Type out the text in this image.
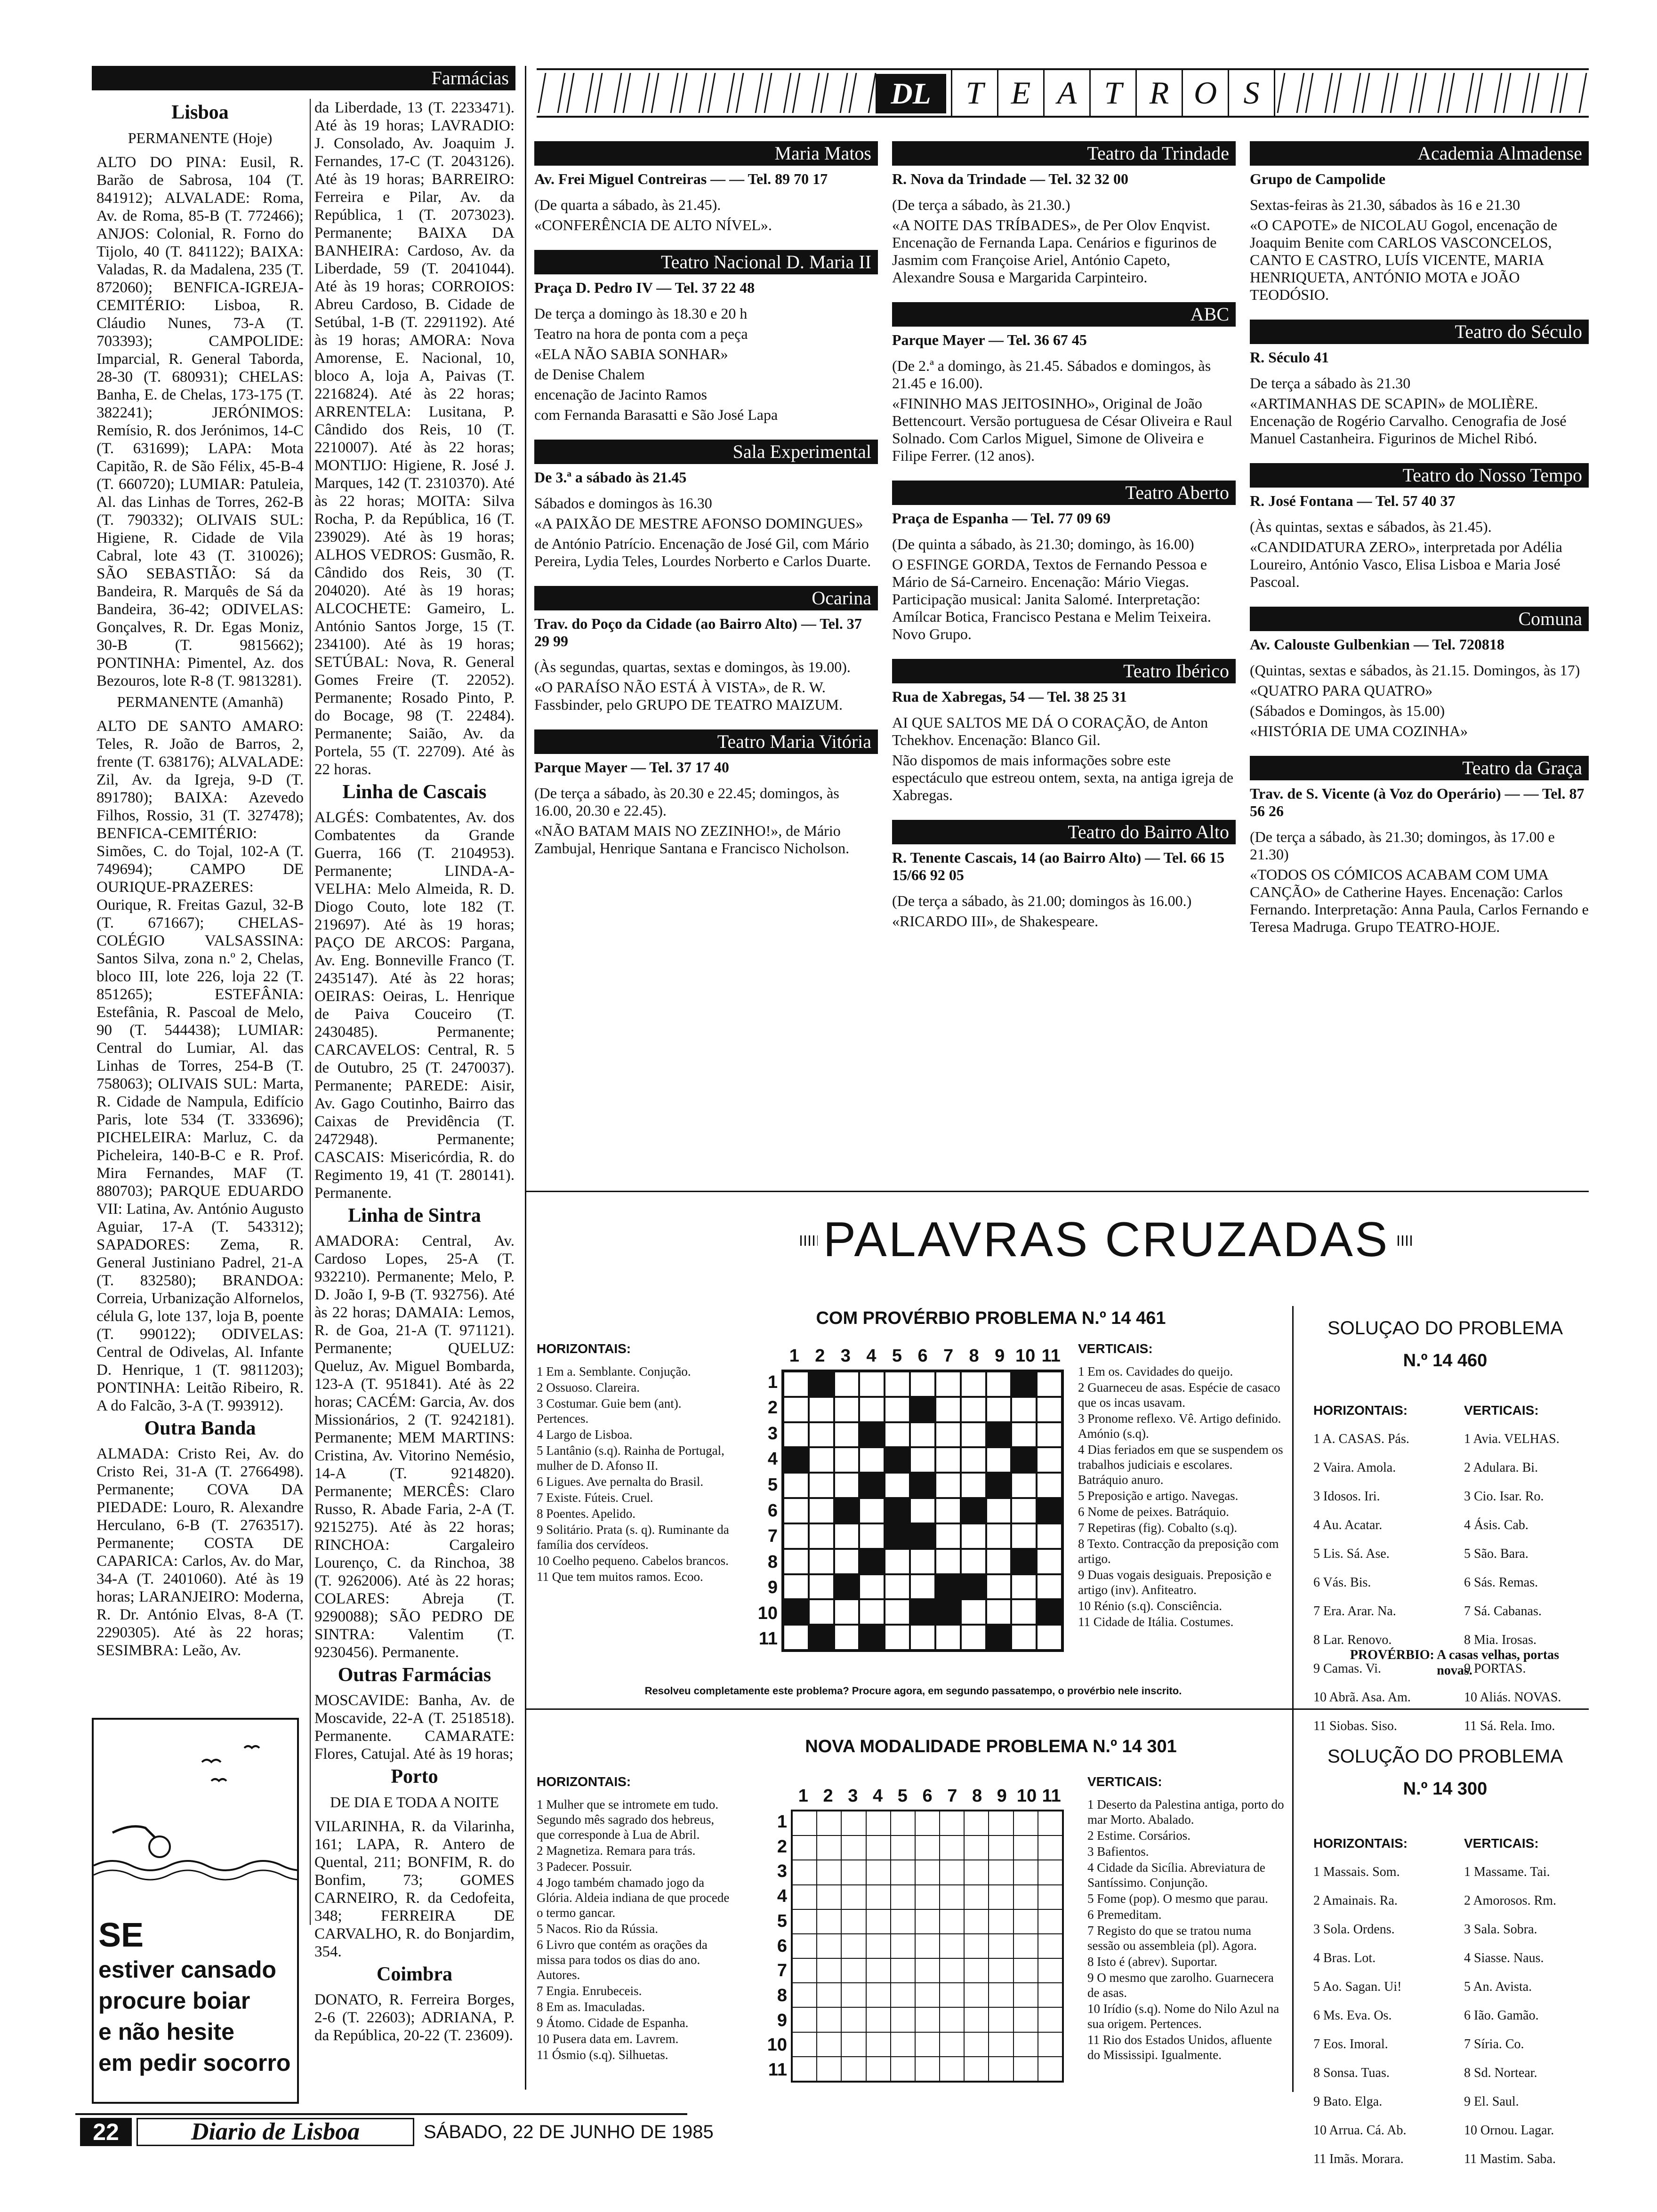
Farmácias
Lisboa
PERMANENTE (Hoje)

ALTO DO PINA: Eusil, R. Barão de Sabrosa, 104 (T. 841912); ALVALADE: Roma, Av. de Roma, 85-B (T. 772466); ANJOS: Colonial, R. Forno do Tijolo, 40 (T. 841122); BAIXA: Valadas, R. da Madalena, 235 (T. 872060); BENFICA-IGREJA-CEMITÉRIO: Lisboa, R. Cláudio Nunes, 73-A (T. 703393); CAMPOLIDE: Imparcial, R. General Taborda, 28-30 (T. 680931); CHELAS: Banha, E. de Chelas, 173-175 (T. 382241); JERÓNIMOS: Remísio, R. dos Jerónimos, 14-C (T. 631699); LAPA: Mota Capitão, R. de São Félix, 45-B-4 (T. 660720); LUMIAR: Patuleia, Al. das Linhas de Torres, 262-B (T. 790332); OLIVAIS SUL: Higiene, R. Cidade de Vila Cabral, lote 43 (T. 310026); SÃO SEBASTIÃO: Sá da Bandeira, R. Marquês de Sá da Bandeira, 36-42; ODIVELAS: Gonçalves, R. Dr. Egas Moniz, 30-B (T. 9815662); PONTINHA: Pimentel, Az. dos Bezouros, lote R-8 (T. 9813281).

PERMANENTE (Amanhã)

ALTO DE SANTO AMARO: Teles, R. João de Barros, 2, frente (T. 638176); ALVALADE: Zil, Av. da Igreja, 9-D (T. 891780); BAIXA: Azevedo Filhos, Rossio, 31 (T. 327478); BENFICA-CEMITÉRIO: Simões, C. do Tojal, 102-A (T. 749694); CAMPO DE OURIQUE-PRAZERES: Ourique, R. Freitas Gazul, 32-B (T. 671667); CHELAS-COLÉGIO VALSASSINA: Santos Silva, zona n.º 2, Chelas, bloco III, lote 226, loja 22 (T. 851265); ESTEFÂNIA: Estefânia, R. Pascoal de Melo, 90 (T. 544438); LUMIAR: Central do Lumiar, Al. das Linhas de Torres, 254-B (T. 758063); OLIVAIS SUL: Marta, R. Cidade de Nampula, Edifício Paris, lote 534 (T. 333696); PICHELEIRA: Marluz, C. da Picheleira, 140-B-C e R. Prof. Mira Fernandes, MAF (T. 880703); PARQUE EDUARDO VII: Latina, Av. António Augusto Aguiar, 17-A (T. 543312); SAPADORES: Zema, R. General Justiniano Padrel, 21-A (T. 832580); BRANDOA: Correia, Urbanização Alfornelos, célula G, lote 137, loja B, poente (T. 990122); ODIVELAS: Central de Odivelas, Al. Infante D. Henrique, 1 (T. 9811203); PONTINHA: Leitão Ribeiro, R. A do Falcão, 3-A (T. 993912).

Outra Banda

ALMADA: Cristo Rei, Av. do Cristo Rei, 31-A (T. 2766498). Permanente; COVA DA PIEDADE: Louro, R. Alexandre Herculano, 6-B (T. 2763517). Permanente; COSTA DE CAPARICA: Carlos, Av. do Mar, 34-A (T. 2401060). Até às 19 horas; LARANJEIRO: Moderna, R. Dr. António Elvas, 8-A (T. 2290305). Até às 22 horas; SESIMBRA: Leão, Av.

da Liberdade, 13 (T. 2233471). Até às 19 horas; LAVRADIO: J. Consolado, Av. Joaquim J. Fernandes, 17-C (T. 2043126). Até às 19 horas; BARREIRO: Ferreira e Pilar, Av. da República, 1 (T. 2073023). Permanente; BAIXA DA BANHEIRA: Cardoso, Av. da Liberdade, 59 (T. 2041044). Até às 19 horas; CORROIOS: Abreu Cardoso, B. Cidade de Setúbal, 1-B (T. 2291192). Até às 19 horas; AMORA: Nova Amorense, E. Nacional, 10, bloco A, loja A, Paivas (T. 2216824). Até às 22 horas; ARRENTELA: Lusitana, P. Cândido dos Reis, 10 (T. 2210007). Até às 22 horas; MONTIJO: Higiene, R. José J. Marques, 142 (T. 2310370). Até às 22 horas; MOITA: Silva Rocha, P. da República, 16 (T. 239029). Até às 19 horas; ALHOS VEDROS: Gusmão, R. Cândido dos Reis, 30 (T. 204020). Até às 19 horas; ALCOCHETE: Gameiro, L. António Santos Jorge, 15 (T. 234100). Até às 19 horas; SETÚBAL: Nova, R. General Gomes Freire (T. 22052). Permanente; Rosado Pinto, P. do Bocage, 98 (T. 22484). Permanente; Saião, Av. da Portela, 55 (T. 22709). Até às 22 horas.

Linha de Cascais

ALGÉS: Combatentes, Av. dos Combatentes da Grande Guerra, 166 (T. 2104953). Permanente; LINDA-A-VELHA: Melo Almeida, R. D. Diogo Couto, lote 182 (T. 219697). Até às 19 horas; PAÇO DE ARCOS: Pargana, Av. Eng. Bonneville Franco (T. 2435147). Até às 22 horas; OEIRAS: Oeiras, L. Henrique de Paiva Couceiro (T. 2430485). Permanente; CARCAVELOS: Central, R. 5 de Outubro, 25 (T. 2470037). Permanente; PAREDE: Aisir, Av. Gago Coutinho, Bairro das Caixas de Previdência (T. 2472948). Permanente; CASCAIS: Misericórdia, R. do Regimento 19, 41 (T. 280141). Permanente.

Linha de Sintra

AMADORA: Central, Av. Cardoso Lopes, 25-A (T. 932210). Permanente; Melo, P. D. João I, 9-B (T. 932756). Até às 22 horas; DAMAIA: Lemos, R. de Goa, 21-A (T. 971121). Permanente; QUELUZ: Queluz, Av. Miguel Bombarda, 123-A (T. 951841). Até às 22 horas; CACÉM: Garcia, Av. dos Missionários, 2 (T. 9242181). Permanente; MEM MARTINS: Cristina, Av. Vitorino Nemésio, 14-A (T. 9214820). Permanente; MERCÊS: Claro Russo, R. Abade Faria, 2-A (T. 9215275). Até às 22 horas; RINCHOA: Cargaleiro Lourenço, C. da Rinchoa, 38 (T. 9262006). Até às 22 horas; COLARES: Abreja (T. 9290088); SÃO PEDRO DE SINTRA: Valentim (T. 9230456). Permanente.

Outras Farmácias

MOSCAVIDE: Banha, Av. de Moscavide, 22-A (T. 2518518). Permanente. CAMARATE: Flores, Catujal. Até às 19 horas;

Porto
DE DIA E TODA A NOITE

VILARINHA, R. da Vilarinha, 161; LAPA, R. Antero de Quental, 211; BONFIM, R. do Bonfim, 73; GOMES CARNEIRO, R. da Cedofeita, 348; FERREIRA DE CARVALHO, R. do Bonjardim, 354.

Coimbra

DONATO, R. Ferreira Borges, 2-6 (T. 22603); ADRIANA, P. da República, 20-22 (T. 23609).

SE
estiver cansado
procure boiar
e não hesite
em pedir socorro
DL	T E A T R O S
Maria Matos
Av. Frei Miguel Contreiras — — Tel. 89 70 17

(De quarta a sábado, às 21.45).

«CONFERÊNCIA DE ALTO NÍVEL».

Teatro Nacional D. Maria II
Praça D. Pedro IV — Tel. 37 22 48

De terça a domingo às 18.30 e 20 h

Teatro na hora de ponta com a peça

«ELA NÃO SABIA SONHAR»

de Denise Chalem

encenação de Jacinto Ramos

com Fernanda Barasatti e São José Lapa

Sala Experimental
De 3.ª a sábado às 21.45

Sábados e domingos às 16.30

«A PAIXÃO DE MESTRE AFONSO DOMINGUES»

de António Patrício. Encenação de José Gil, com Mário Pereira, Lydia Teles, Lourdes Norberto e Carlos Duarte.

Ocarina
Trav. do Poço da Cidade (ao Bairro Alto) — Tel. 37 29 99

(Às segundas, quartas, sextas e domingos, às 19.00).

«O PARAÍSO NÃO ESTÁ À VISTA», de R. W. Fassbinder, pelo GRUPO DE TEATRO MAIZUM.

Teatro Maria Vitória
Parque Mayer — Tel. 37 17 40

(De terça a sábado, às 20.30 e 22.45; domingos, às 16.00, 20.30 e 22.45).

«NÃO BATAM MAIS NO ZEZINHO!», de Mário Zambujal, Henrique Santana e Francisco Nicholson.

Teatro da Trindade
R. Nova da Trindade — Tel. 32 32 00

(De terça a sábado, às 21.30.)

«A NOITE DAS TRÍBADES», de Per Olov Enqvist. Encenação de Fernanda Lapa. Cenários e figurinos de Jasmim com Françoise Ariel, António Capeto, Alexandre Sousa e Margarida Carpinteiro.

ABC
Parque Mayer — Tel. 36 67 45

(De 2.ª a domingo, às 21.45. Sábados e domingos, às 21.45 e 16.00).

«FININHO MAS JEITOSINHO», Original de João Bettencourt. Versão portuguesa de César Oliveira e Raul Solnado. Com Carlos Miguel, Simone de Oliveira e Filipe Ferrer. (12 anos).

Teatro Aberto
Praça de Espanha — Tel. 77 09 69

(De quinta a sábado, às 21.30; domingo, às 16.00)

O ESFINGE GORDA, Textos de Fernando Pessoa e Mário de Sá-Carneiro. Encenação: Mário Viegas. Participação musical: Janita Salomé. Interpretação: Amílcar Botica, Francisco Pestana e Melim Teixeira. Novo Grupo.

Teatro Ibérico
Rua de Xabregas, 54 — Tel. 38 25 31

AI QUE SALTOS ME DÁ O CORAÇÃO, de Anton Tchekhov. Encenação: Blanco Gil.

Não dispomos de mais informações sobre este espectáculo que estreou ontem, sexta, na antiga igreja de Xabregas.

Teatro do Bairro Alto
R. Tenente Cascais, 14 (ao Bairro Alto) — Tel. 66 15 15/66 92 05

(De terça a sábado, às 21.00; domingos às 16.00.)

«RICARDO III», de Shakespeare.

Academia Almadense
Grupo de Campolide

Sextas-feiras às 21.30, sábados às 16 e 21.30

«O CAPOTE» de NICOLAU Gogol, encenação de Joaquim Benite com CARLOS VASCONCELOS, CANTO E CASTRO, LUÍS VICENTE, MARIA HENRIQUETA, ANTÓNIO MOTA e JOÃO TEODÓSIO.

Teatro do Século
R. Século 41

De terça a sábado às 21.30

«ARTIMANHAS DE SCAPIN» de MOLIÈRE. Encenação de Rogério Carvalho. Cenografia de José Manuel Castanheira. Figurinos de Michel Ribó.

Teatro do Nosso Tempo
R. José Fontana — Tel. 57 40 37

(Às quintas, sextas e sábados, às 21.45).

«CANDIDATURA ZERO», interpretada por Adélia Loureiro, António Vasco, Elisa Lisboa e Maria José Pascoal.

Comuna
Av. Calouste Gulbenkian — Tel. 720818

(Quintas, sextas e sábados, às 21.15. Domingos, às 17)

«QUATRO PARA QUATRO»

(Sábados e Domingos, às 15.00)

«HISTÓRIA DE UMA COZINHA»

Teatro da Graça
Trav. de S. Vicente (à Voz do Operário) — — Tel. 87 56 26

(De terça a sábado, às 21.30; domingos, às 17.00 e 21.30)

«TODOS OS CÓMICOS ACABAM COM UMA CANÇÃO» de Catherine Hayes. Encenação: Carlos Fernando. Interpretação: Anna Paula, Carlos Fernando e Teresa Madruga. Grupo TEATRO-HOJE.

PALAVRAS CRUZADAS
COM PROVÉRBIO PROBLEMA N.º 14 461
HORIZONTAIS:

1 Em a. Semblante. Conjução.

2 Ossuoso. Clareira.

3 Costumar. Guie bem (ant). Pertences.

4 Largo de Lisboa.

5 Lantânio (s.q). Rainha de Portugal, mulher de D. Afonso II.

6 Ligues. Ave pernalta do Brasil.

7 Existe. Fúteis. Cruel.

8 Poentes. Apelido.

9 Solitário. Prata (s. q). Ruminante da família dos cervídeos.

10 Coelho pequeno. Cabelos brancos.

11 Que tem muitos ramos. Ecoo.

1 2 3 4 5 6 7 8 9 10 11
1
2
3
4
5
6
7
8
9
10
11
VERTICAIS:

1 Em os. Cavidades do queijo.

2 Guarneceu de asas. Espécie de casaco que os incas usavam.

3 Pronome reflexo. Vê. Artigo definido. Amónio (s.q).

4 Dias feriados em que se suspendem os trabalhos judiciais e escolares. Batráquio anuro.

5 Preposição e artigo. Navegas.

6 Nome de peixes. Batráquio.

7 Repetiras (fig). Cobalto (s.q).

8 Texto. Contracção da preposição com artigo.

9 Duas vogais desiguais. Preposição e artigo (inv). Anfiteatro.

10 Rénio (s.q). Consciência.

11 Cidade de Itália. Costumes.

Resolveu completamente este problema? Procure agora, em segundo passatempo, o provérbio nele inscrito.
SOLUÇAO DO PROBLEMA
N.º 14 460
HORIZONTAIS:

1 A. CASAS. Pás.

2 Vaira. Amola.

3 Idosos. Iri.

4 Au. Acatar.

5 Lis. Sá. Ase.

6 Vás. Bis.

7 Era. Arar. Na.

8 Lar. Renovo.

9 Camas. Vi.

10 Abrã. Asa. Am.

11 Siobas. Siso.

VERTICAIS:

1 Avia. VELHAS.

2 Adulara. Bi.

3 Cio. Isar. Ro.

4 Ásis. Cab.

5 São. Bara.

6 Sás. Remas.

7 Sá. Cabanas.

8 Mia. Irosas.

9 PORTAS.

10 Aliás. NOVAS.

11 Sá. Rela. Imo.

PROVÉRBIO: A casas velhas, portas novas.
NOVA MODALIDADE PROBLEMA N.º 14 301
HORIZONTAIS:

1 Mulher que se intromete em tudo. Segundo mês sagrado dos hebreus, que corresponde à Lua de Abril.

2 Magnetiza. Remara para trás.

3 Padecer. Possuir.

4 Jogo também chamado jogo da Glória. Aldeia indiana de que procede o termo gancar.

5 Nacos. Rio da Rússia.

6 Livro que contém as orações da missa para todos os dias do ano. Autores.

7 Engia. Enrubeceis.

8 Em as. Imaculadas.

9 Átomo. Cidade de Espanha.

10 Pusera data em. Lavrem.

11 Ósmio (s.q). Silhuetas.

1 2 3 4 5 6 7 8 9 10 11
1
2
3
4
5
6
7
8
9
10
11
VERTICAIS:

1 Deserto da Palestina antiga, porto do mar Morto. Abalado.

2 Estime. Corsários.

3 Bafientos.

4 Cidade da Sicília. Abreviatura de Santíssimo. Conjunção.

5 Fome (pop). O mesmo que parau.

6 Premeditam.

7 Registo do que se tratou numa sessão ou assembleia (pl). Agora.

8 Isto é (abrev). Suportar.

9 O mesmo que zarolho. Guarnecera de asas.

10 Irídio (s.q). Nome do Nilo Azul na sua origem. Pertences.

11 Rio dos Estados Unidos, afluente do Mississipi. Igualmente.

SOLUÇÃO DO PROBLEMA
N.º 14 300
HORIZONTAIS:

1 Massais. Som.

2 Amainais. Ra.

3 Sola. Ordens.

4 Bras. Lot.

5 Ao. Sagan. Ui!

6 Ms. Eva. Os.

7 Eos. Imoral.

8 Sonsa. Tuas.

9 Bato. Elga.

10 Arrua. Cá. Ab.

11 Imãs. Morara.

VERTICAIS:

1 Massame. Tai.

2 Amorosos. Rm.

3 Sala. Sobra.

4 Siasse. Naus.

5 An. Avista.

6 Ião. Gamão.

7 Síria. Co.

8 Sd. Nortear.

9 El. Saul.

10 Ornou. Lagar.

11 Mastim. Saba.

22	Diario de Lisboa	SÁBADO, 22 DE JUNHO DE 1985
